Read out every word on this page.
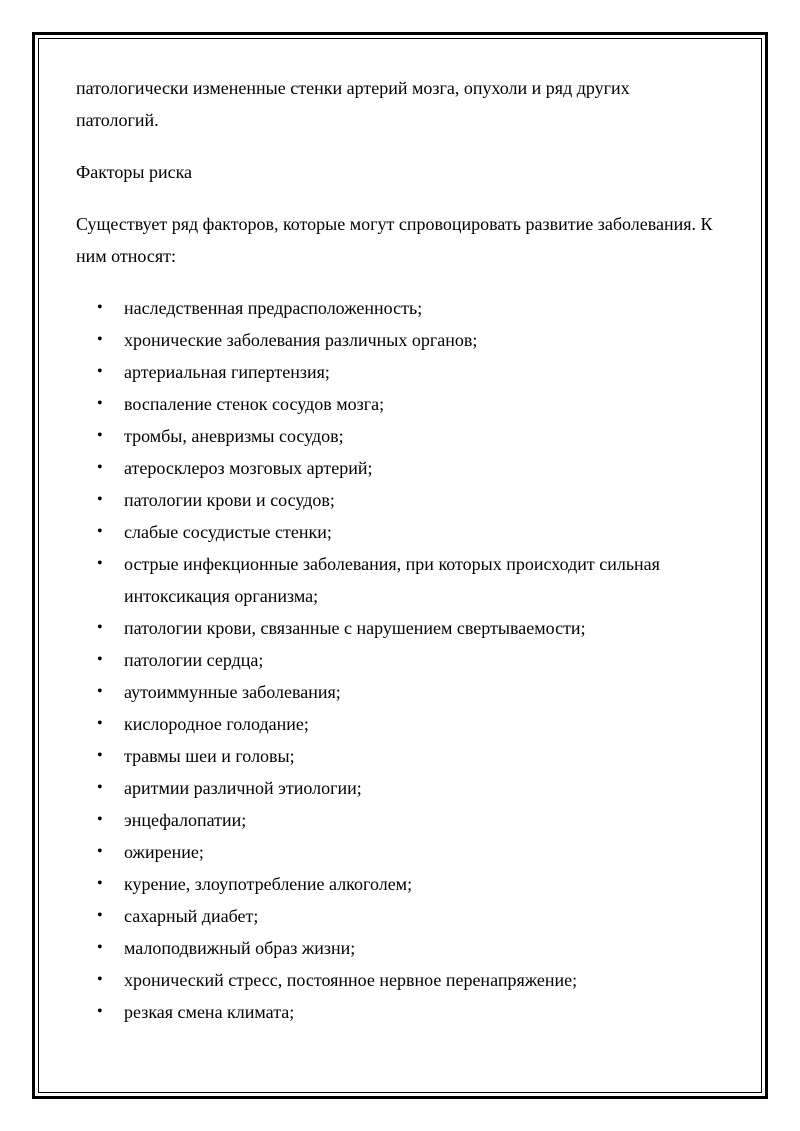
патологически измененные стенки артерий мозга, опухоли и ряд других патологий.

Факторы риска

Существует ряд факторов, которые могут спровоцировать развитие заболевания. К ним относят:

• наследственная предрасположенность;
• хронические заболевания различных органов;
• артериальная гипертензия;
• воспаление стенок сосудов мозга;
• тромбы, аневризмы сосудов;
• атеросклероз мозговых артерий;
• патологии крови и сосудов;
• слабые сосудистые стенки;
• острые инфекционные заболевания, при которых происходит сильная интоксикация организма;
• патологии крови, связанные с нарушением свертываемости;
• патологии сердца;
• аутоиммунные заболевания;
• кислородное голодание;
• травмы шеи и головы;
• аритмии различной этиологии;
• энцефалопатии;
• ожирение;
• курение, злоупотребление алкоголем;
• сахарный диабет;
• малоподвижный образ жизни;
• хронический стресс, постоянное нервное перенапряжение;
• резкая смена климата;
